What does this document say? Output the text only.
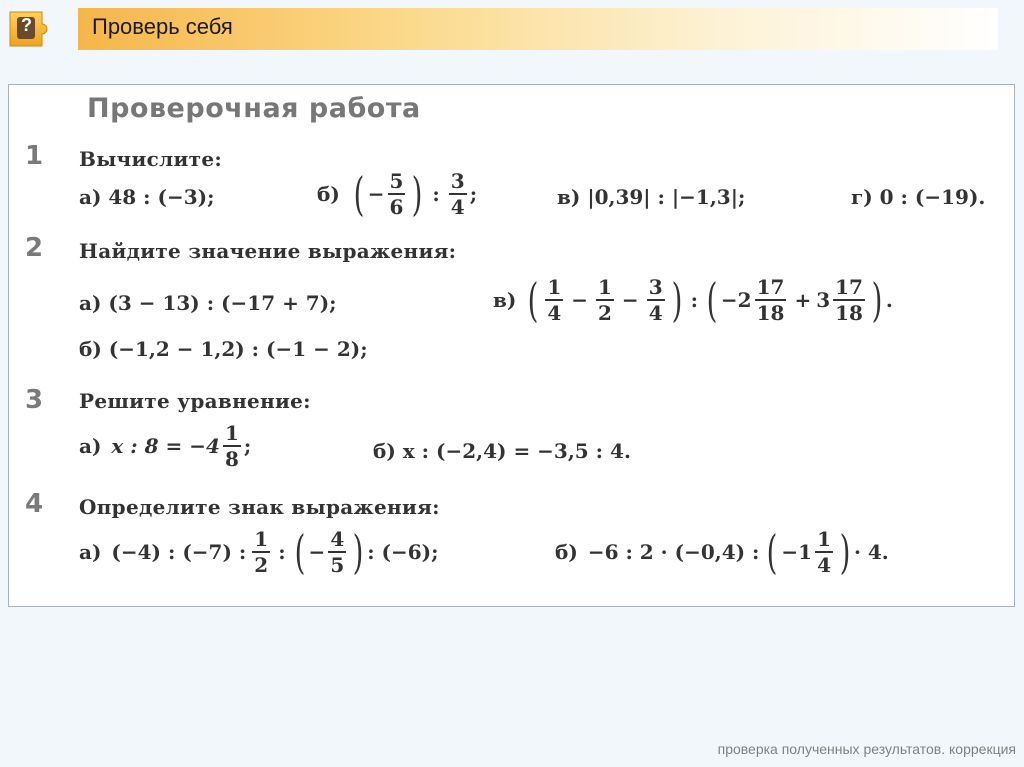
?	Проверь себя
Проверочная работа
1 Вычислите:
а) 48 : (−3);	б) ( − $\frac{5}{6}$ ) : $\frac{3}{4}$ ;	в) |0,39| : |−1,3|;	г) 0 : (−19).
2 Найдите значение выражения:
а) (3 − 13) : (−17 + 7);
б) (−1,2 − 1,2) : (−1 − 2);
в) ( $\frac{1}{4} - \frac{1}{2} - \frac{3}{4}$ ) : ( $-2 \frac{17}{18} + 3 \frac{17}{18}$ ) .
3 Решите уравнение:
а) x : $8 = -4 \frac{1}{8}$ ;	б) x : (−2,4) = −3,5 : 4.
4 Определите знак выражения:
а) (−4) : (−7) : $\frac{1}{2}$ : ( − $\frac{4}{5}$ ) : (−6);	б) −6 : 2 · (−0,4) : ( $-1 \frac{1}{4}$ ) · 4.
проверка полученных результатов. коррекция
